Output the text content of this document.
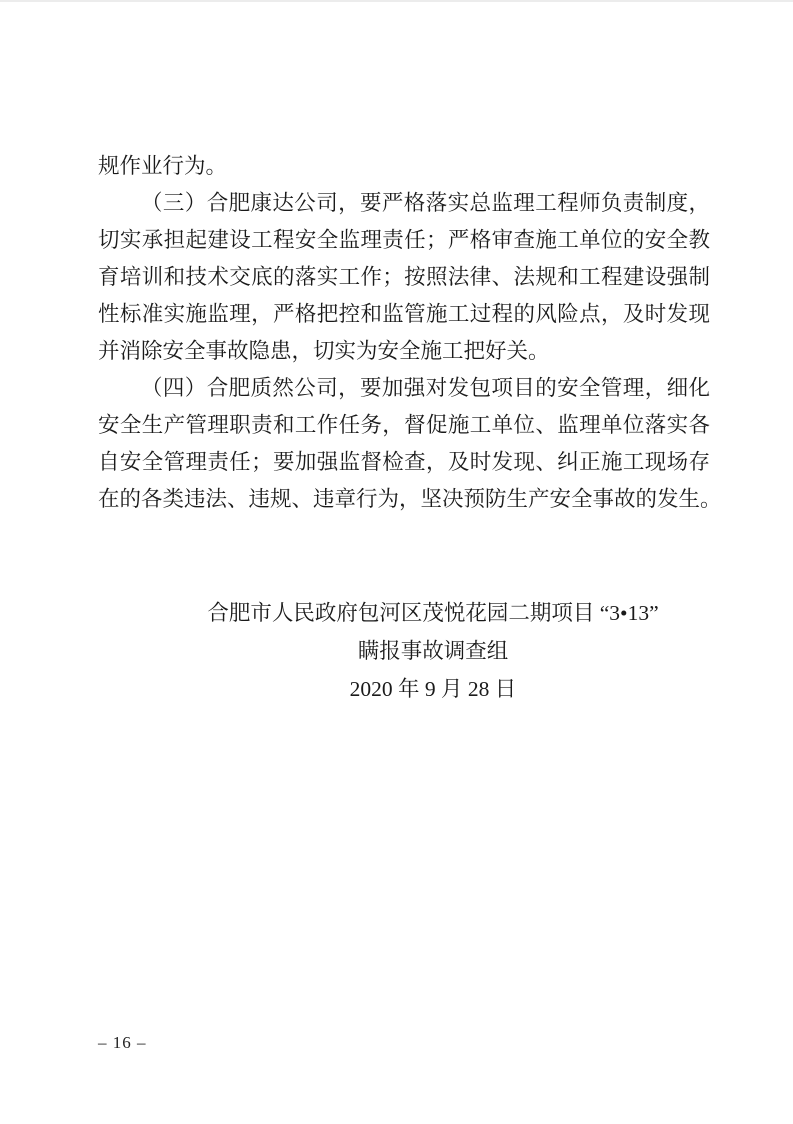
规作业行为。
（三）合肥康达公司，要严格落实总监理工程师负责制度，
切实承担起建设工程安全监理责任；严格审查施工单位的安全教
育培训和技术交底的落实工作；按照法律、法规和工程建设强制
性标准实施监理，严格把控和监管施工过程的风险点，及时发现
并消除安全事故隐患，切实为安全施工把好关。
（四）合肥质然公司，要加强对发包项目的安全管理，细化
安全生产管理职责和工作任务，督促施工单位、监理单位落实各
自安全管理责任；要加强监督检查，及时发现、纠正施工现场存
在的各类违法、违规、违章行为，坚决预防生产安全事故的发生。
合肥市人民政府包河区茂悦花园二期项目 “3•13”
瞒报事故调查组
2020 年 9 月 28 日
– 16 –
